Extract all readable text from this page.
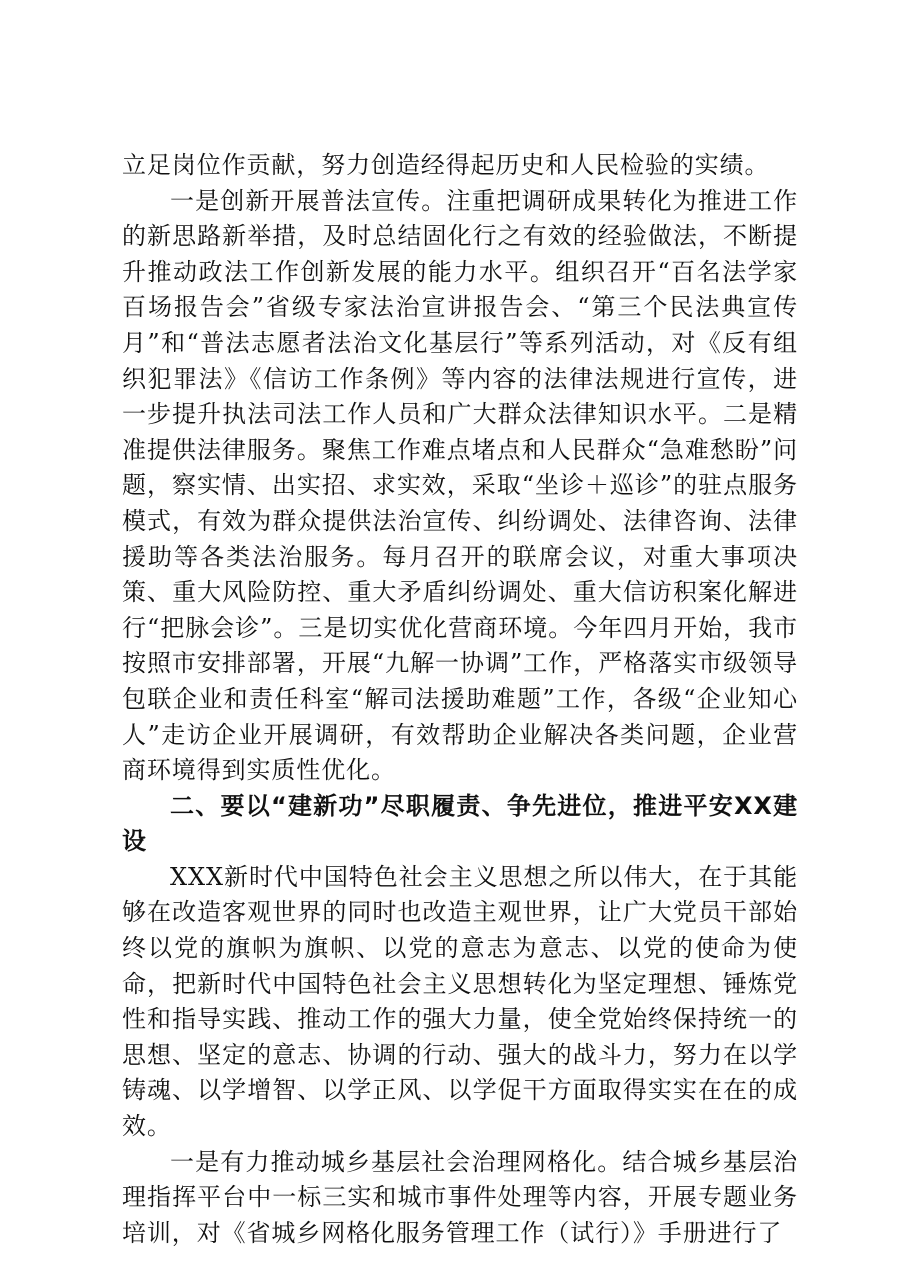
立足岗位作贡献，努力创造经得起历史和人民检验的实绩。

一是创新开展普法宣传。注重把调研成果转化为推进工作的新思路新举措，及时总结固化行之有效的经验做法，不断提升推动政法工作创新发展的能力水平。组织召开“百名法学家百场报告会”省级专家法治宣讲报告会、“第三个民法典宣传月”和“普法志愿者法治文化基层行”等系列活动，对《反有组织犯罪法》《信访工作条例》等内容的法律法规进行宣传，进一步提升执法司法工作人员和广大群众法律知识水平。二是精准提供法律服务。聚焦工作难点堵点和人民群众“急难愁盼”问题，察实情、出实招、求实效，采取“坐诊＋巡诊”的驻点服务模式，有效为群众提供法治宣传、纠纷调处、法律咨询、法律援助等各类法治服务。每月召开的联席会议，对重大事项决策、重大风险防控、重大矛盾纠纷调处、重大信访积案化解进行“把脉会诊”。三是切实优化营商环境。今年四月开始，我市按照市安排部署，开展“九解一协调”工作，严格落实市级领导包联企业和责任科室“解司法援助难题”工作，各级“企业知心人”走访企业开展调研，有效帮助企业解决各类问题，企业营商环境得到实质性优化。

二、要以“建新功”尽职履责、争先进位，推进平安XX建设

XXX新时代中国特色社会主义思想之所以伟大，在于其能够在改造客观世界的同时也改造主观世界，让广大党员干部始终以党的旗帜为旗帜、以党的意志为意志、以党的使命为使命，把新时代中国特色社会主义思想转化为坚定理想、锤炼党性和指导实践、推动工作的强大力量，使全党始终保持统一的思想、坚定的意志、协调的行动、强大的战斗力，努力在以学铸魂、以学增智、以学正风、以学促干方面取得实实在在的成效。

一是有力推动城乡基层社会治理网格化。结合城乡基层治理指挥平台中一标三实和城市事件处理等内容，开展专题业务培训，对《省城乡网格化服务管理工作（试行）》手册进行了
